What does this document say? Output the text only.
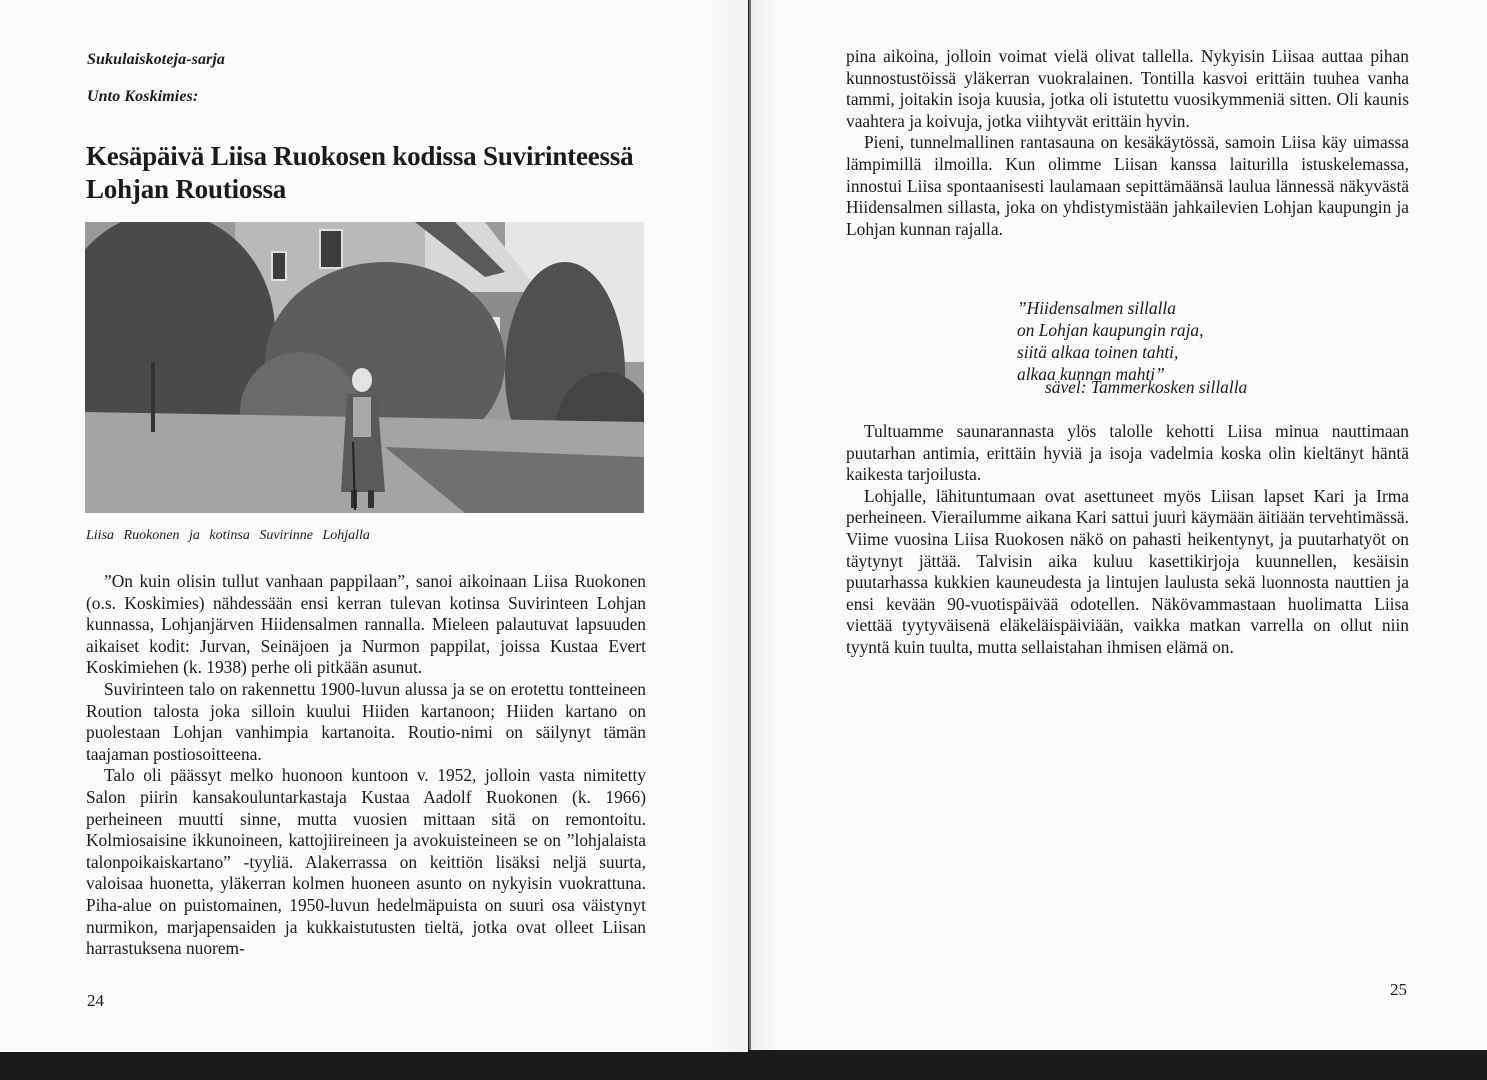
Sukulaiskoteja-sarja
Unto Koskimies:
Kesäpäivä Liisa Ruokosen kodissa Suvirinteessä
Lohjan Routiossa
Liisa Ruokonen ja kotinsa Suvirinne Lohjalla

”On kuin olisin tullut vanhaan pappilaan”, sanoi aikoinaan Liisa Ruokonen (o.s. Koskimies) nähdessään ensi kerran tulevan kotinsa Suvirinteen Lohjan kunnassa, Lohjanjärven Hiidensalmen rannalla. Mieleen palautuvat lapsuuden aikaiset kodit: Jurvan, Seinäjoen ja Nurmon pappilat, joissa Kustaa Evert Koskimiehen (k. 1938) perhe oli pitkään asunut.

Suvirinteen talo on rakennettu 1900-luvun alussa ja se on erotettu tontteineen Roution talosta joka silloin kuului Hiiden kartanoon; Hiiden kartano on puolestaan Lohjan vanhimpia kartanoita. Routio-nimi on säilynyt tämän taajaman postiosoitteena.

Talo oli päässyt melko huonoon kuntoon v. 1952, jolloin vasta nimitetty Salon piirin kansakouluntarkastaja Kustaa Aadolf Ruokonen (k. 1966) perheineen muutti sinne, mutta vuosien mittaan sitä on remontoitu. Kolmiosaisine ikkunoineen, kattojiireineen ja avokuisteineen se on ”lohjalaista talonpoikaiskartano” -tyyliä. Alakerrassa on keittiön lisäksi neljä suurta, valoisaa huonetta, yläkerran kolmen huoneen asunto on nykyisin vuokrattuna. Piha-alue on puistomainen, 1950-luvun hedelmäpuista on suuri osa väistynyt nurmikon, marjapensaiden ja kukkaistutusten tieltä, jotka ovat olleet Liisan harrastuksena nuorem-

24

pina aikoina, jolloin voimat vielä olivat tallella. Nykyisin Liisaa auttaa pihan kunnostustöissä yläkerran vuokralainen. Tontilla kasvoi erittäin tuuhea vanha tammi, joitakin isoja kuusia, jotka oli istutettu vuosikymmeniä sitten. Oli kaunis vaahtera ja koivuja, jotka viihtyvät erittäin hyvin.

Pieni, tunnelmallinen rantasauna on kesäkäytössä, samoin Liisa käy uimassa lämpimillä ilmoilla. Kun olimme Liisan kanssa laiturilla istuskelemassa, innostui Liisa spontaanisesti laulamaan sepittämäänsä laulua lännessä näkyvästä Hiidensalmen sillasta, joka on yhdistymistään jahkailevien Lohjan kaupungin ja Lohjan kunnan rajalla.

”Hiidensalmen sillalla
on Lohjan kaupungin raja,
siitä alkaa toinen tahti,
alkaa kunnan mahti”
sävel: Tammerkosken sillalla

Tultuamme saunarannasta ylös talolle kehotti Liisa minua nauttimaan puutarhan antimia, erittäin hyviä ja isoja vadelmia koska olin kieltänyt häntä kaikesta tarjoilusta.

Lohjalle, lähituntumaan ovat asettuneet myös Liisan lapset Kari ja Irma perheineen. Vierailumme aikana Kari sattui juuri käymään äitiään tervehtimässä. Viime vuosina Liisa Ruokosen näkö on pahasti heikentynyt, ja puutarhatyöt on täytynyt jättää. Talvisin aika kuluu kasettikirjoja kuunnellen, kesäisin puutarhassa kukkien kauneudesta ja lintujen laulusta sekä luonnosta nauttien ja ensi kevään 90-vuotispäivää odotellen. Näkövammastaan huolimatta Liisa viettää tyytyväisenä eläkeläispäiviään, vaikka matkan varrella on ollut niin tyyntä kuin tuulta, mutta sellaistahan ihmisen elämä on.

25
